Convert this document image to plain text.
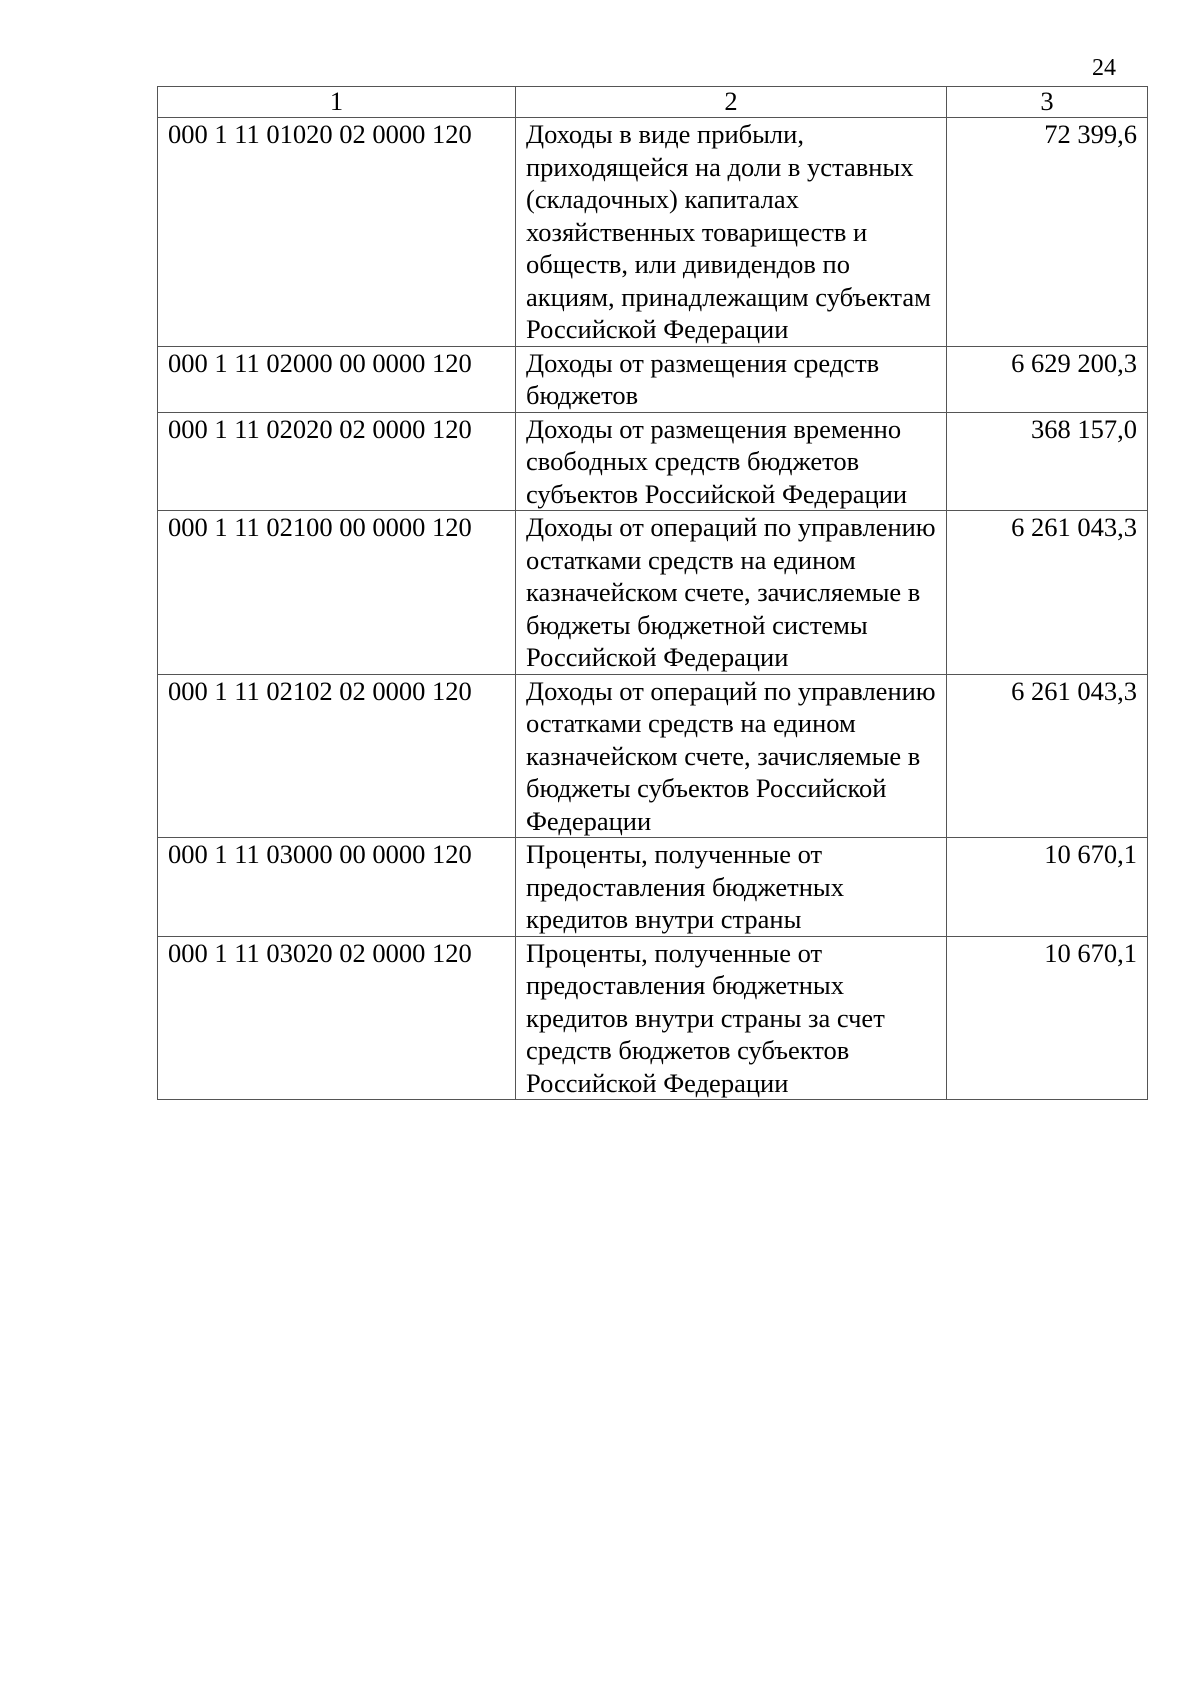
24
1	2	3
000 1 11 01020 02 0000 120	Доходы в виде прибыли, приходящейся на доли в уставных (складочных) капиталах хозяйственных товариществ и обществ, или дивидендов по акциям, принадлежащим субъектам Российской Федерации	72 399,6
000 1 11 02000 00 0000 120	Доходы от размещения средств бюджетов	6 629 200,3
000 1 11 02020 02 0000 120	Доходы от размещения временно свободных средств бюджетов субъектов Российской Федерации	368 157,0
000 1 11 02100 00 0000 120	Доходы от операций по управлению остатками средств на едином казначейском счете, зачисляемые в бюджеты бюджетной системы Российской Федерации	6 261 043,3
000 1 11 02102 02 0000 120	Доходы от операций по управлению остатками средств на едином казначейском счете, зачисляемые в бюджеты субъектов Российской Федерации	6 261 043,3
000 1 11 03000 00 0000 120	Проценты, полученные от предоставления бюджетных кредитов внутри страны	10 670,1
000 1 11 03020 02 0000 120	Проценты, полученные от предоставления бюджетных кредитов внутри страны за счет средств бюджетов субъектов Российской Федерации	10 670,1
